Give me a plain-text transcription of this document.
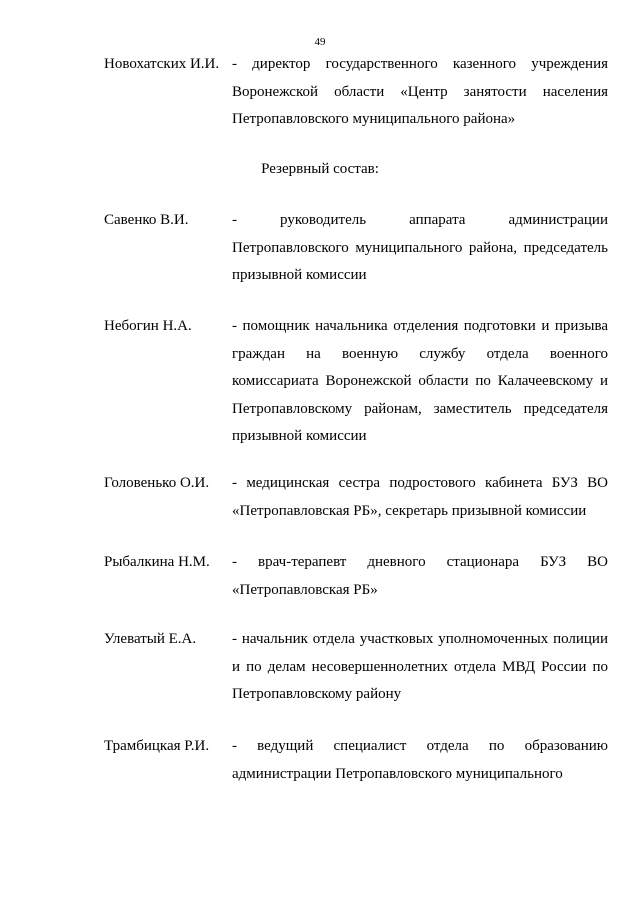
49
Новохатских И.И. - директор государственного казенного учреждения Воронежской области «Центр занятости населения Петропавловского муниципального района»
Резервный состав:
Савенко В.И.	- руководитель аппарата администрации Петропавловского муниципального района, председатель призывной комиссии
Небогин Н.А.	- помощник начальника отделения подготовки и призыва граждан на военную службу отдела военного комиссариата Воронежской области по Калачеевскому и Петропавловскому районам, заместитель председателя призывной комиссии
Головенько О.И.	- медицинская сестра подростового кабинета БУЗ ВО «Петропавловская РБ», секретарь призывной комиссии
Рыбалкина Н.М.	- врач-терапевт дневного стационара БУЗ ВО «Петропавловская РБ»
Улеватый Е.А.	- начальник отдела участковых уполномоченных полиции и по делам несовершеннолетних отдела МВД России по Петропавловскому району
Трамбицкая Р.И.	- ведущий специалист отдела по образованию администрации Петропавловского муниципального
